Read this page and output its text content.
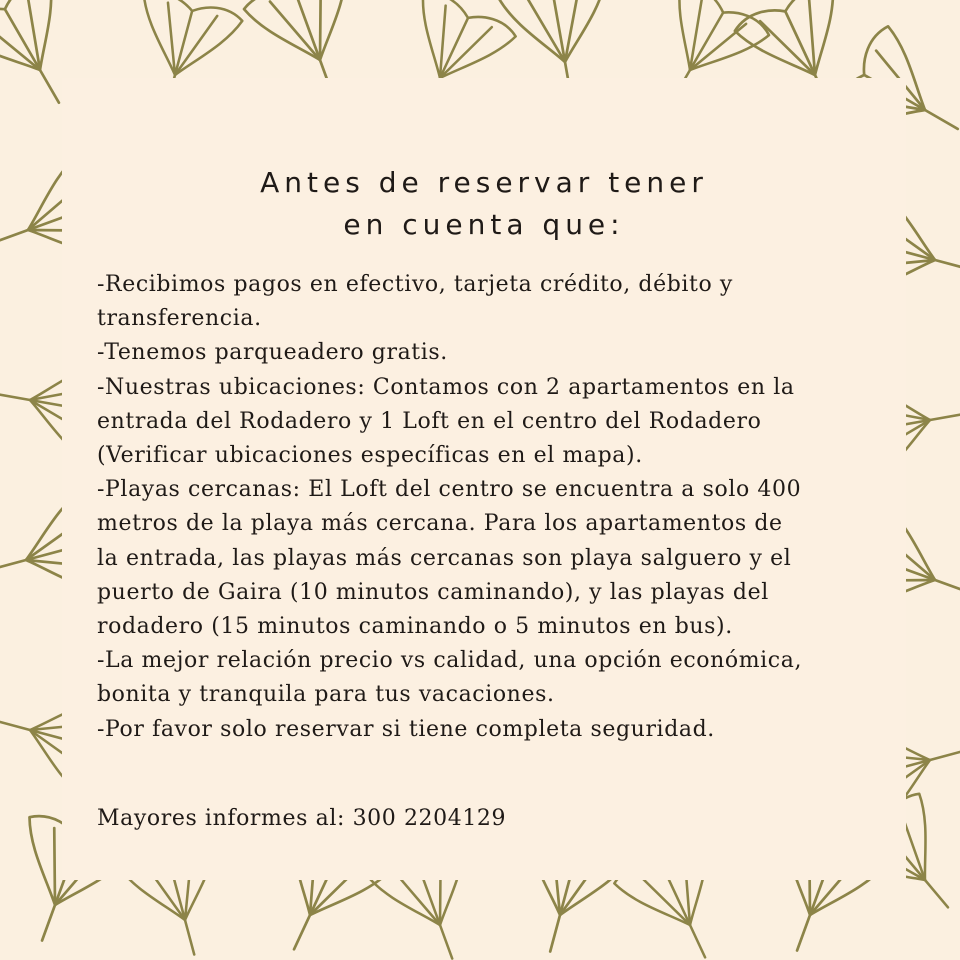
Antes de reservar tener
en cuenta que:

-Recibimos pagos en efectivo, tarjeta crédito, débito y

transferencia.

-Tenemos parqueadero gratis.

-Nuestras ubicaciones: Contamos con 2 apartamentos en la

entrada del Rodadero y 1 Loft en el centro del Rodadero

(Verificar ubicaciones específicas en el mapa).

-Playas cercanas: El Loft del centro se encuentra a solo 400

metros de la playa más cercana. Para los apartamentos de

la entrada, las playas más cercanas son playa salguero y el

puerto de Gaira (10 minutos caminando), y las playas del

rodadero (15 minutos caminando o 5 minutos en bus).

-La mejor relación precio vs calidad, una opción económica,

bonita y tranquila para tus vacaciones.

-Por favor solo reservar si tiene completa seguridad.

Mayores informes al: 300 2204129
